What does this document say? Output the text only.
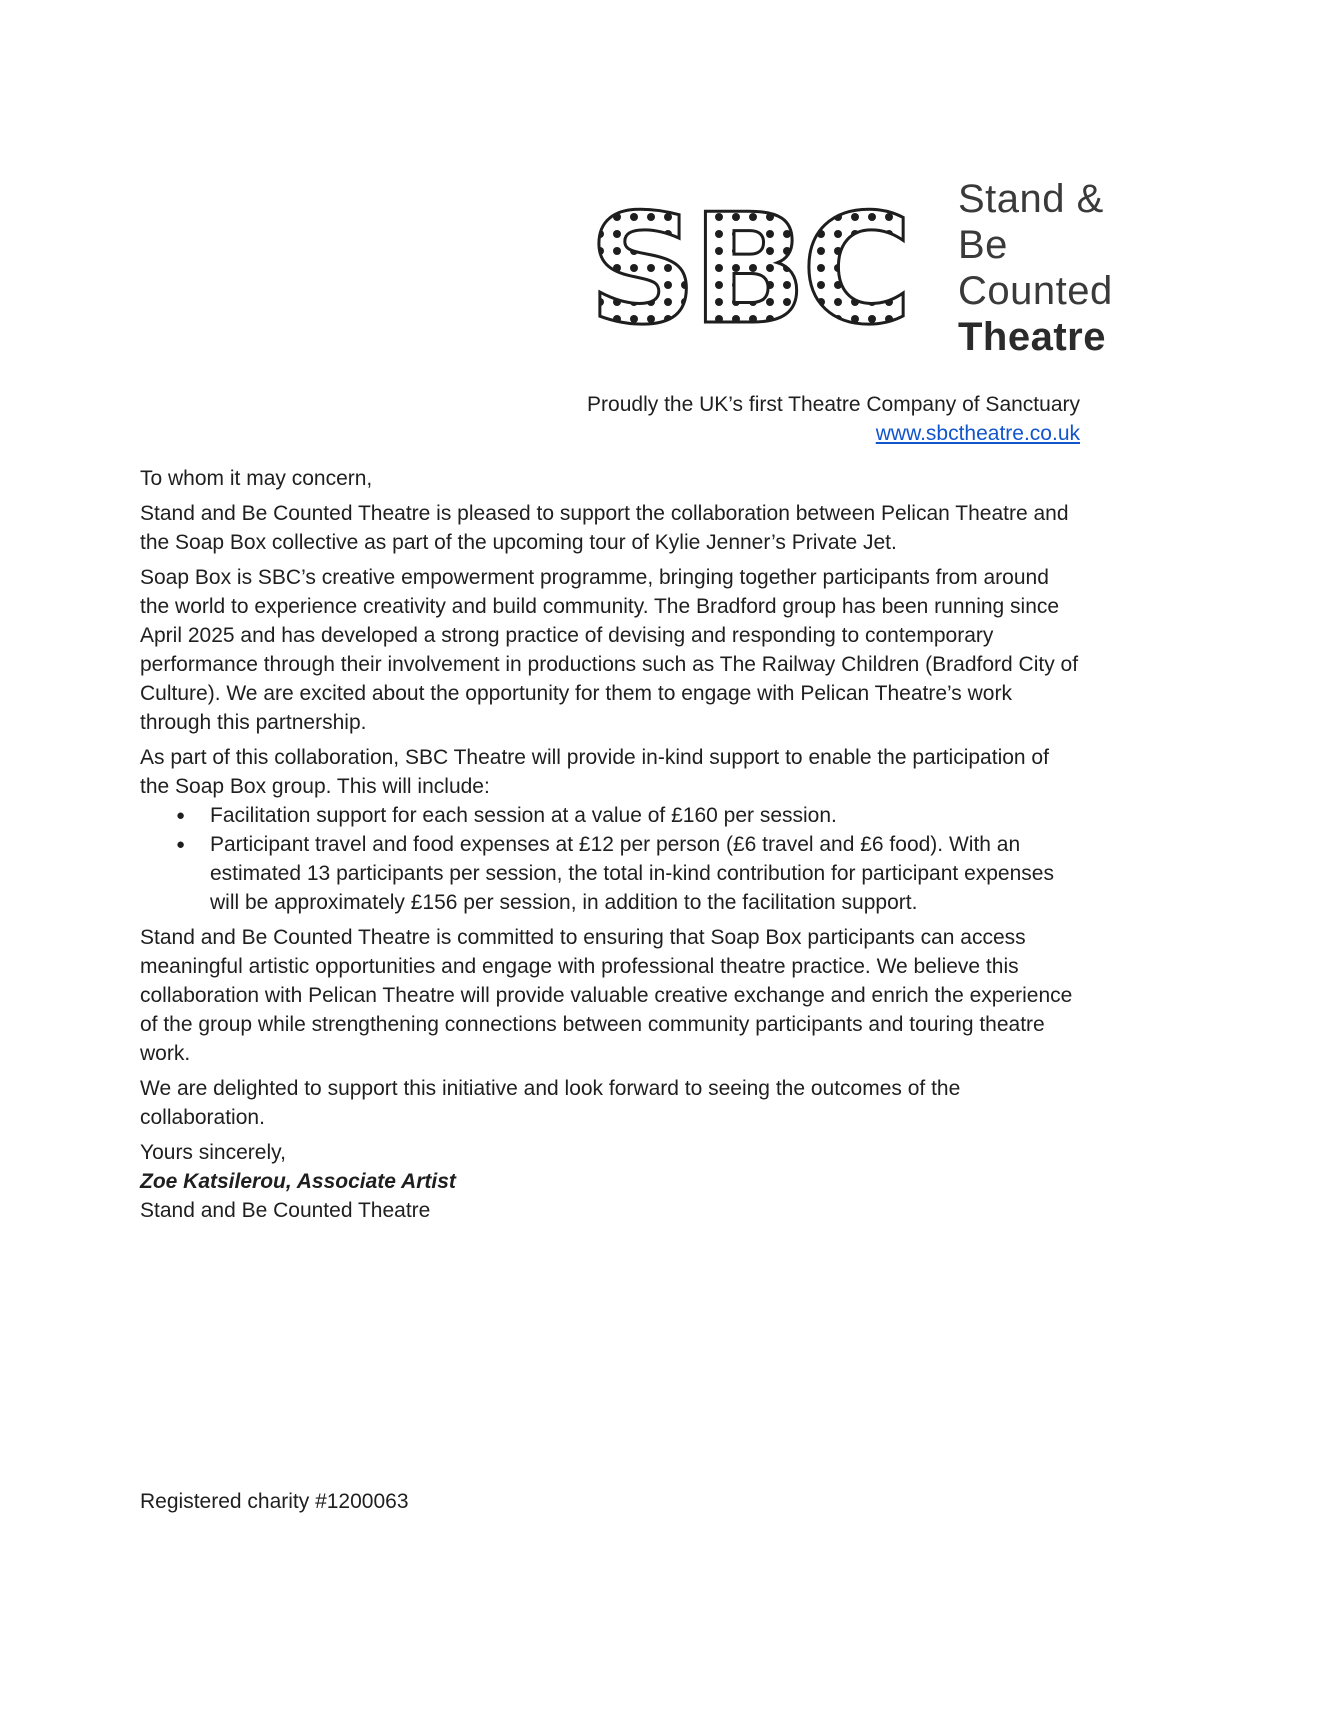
SBC Stand & Be
Counted
Theatre
Proudly the UK’s first Theatre Company of Sanctuary
www.sbctheatre.co.uk
To whom it may concern,

Stand and Be Counted Theatre is pleased to support the collaboration between Pelican Theatre and the Soap Box collective as part of the upcoming tour of Kylie Jenner’s Private Jet.

Soap Box is SBC’s creative empowerment programme, bringing together participants from around the world to experience creativity and build community. The Bradford group has been running since April 2025 and has developed a strong practice of devising and responding to contemporary performance through their involvement in productions such as The Railway Children (Bradford City of Culture). We are excited about the opportunity for them to engage with Pelican Theatre’s work through this partnership.

As part of this collaboration, SBC Theatre will provide in-kind support to enable the participation of the Soap Box group. This will include:

●	Facilitation support for each session at a value of £160 per session.
●	Participant travel and food expenses at £12 per person (£6 travel and £6 food). With an estimated 13 participants per session, the total in-kind contribution for participant expenses will be approximately £156 per session, in addition to the facilitation support.

Stand and Be Counted Theatre is committed to ensuring that Soap Box participants can access meaningful artistic opportunities and engage with professional theatre practice. We believe this collaboration with Pelican Theatre will provide valuable creative exchange and enrich the experience of the group while strengthening connections between community participants and touring theatre work.

We are delighted to support this initiative and look forward to seeing the outcomes of the collaboration.

Yours sincerely,
Zoe Katsilerou, Associate Artist
Stand and Be Counted Theatre
Registered charity #1200063
